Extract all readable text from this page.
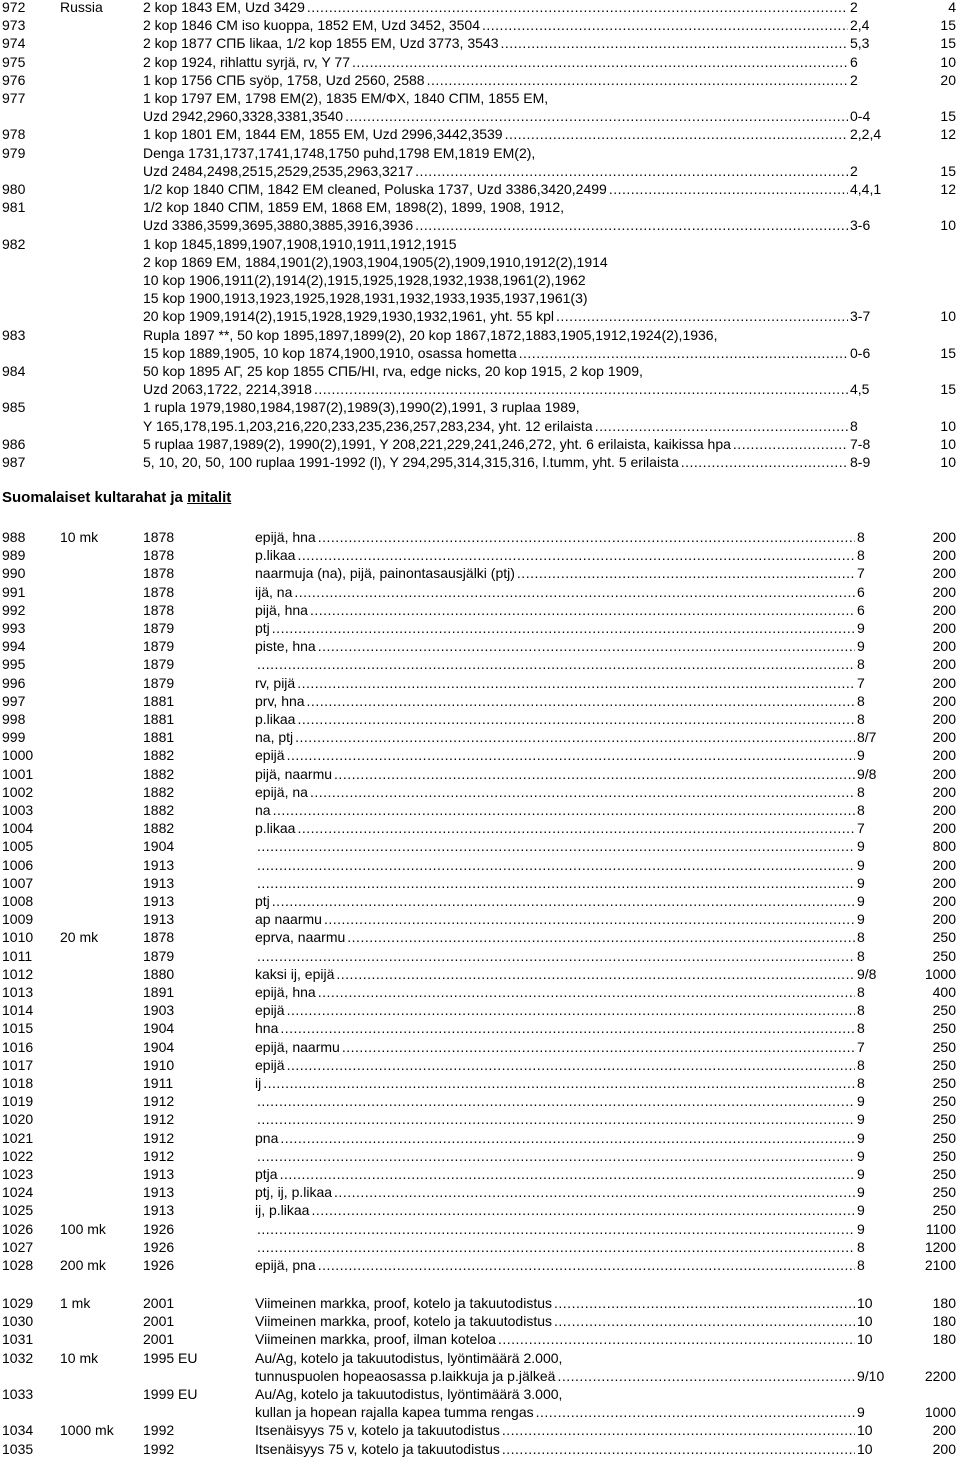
972 Russia	2 kop 1843 EM, Uzd 3429 .....	2	4
973	2 kop 1846 CM iso kuoppa, 1852 EM, Uzd 3452, 3504 .....	2,4	15
974	2 kop 1877 СПБ likaa, 1/2 kop 1855 EM, Uzd 3773, 3543 .....	5,3	15
975	2 kop 1924, rihlattu syrjä, rv, Y 77 .....	6	10
976	1 kop 1756 СПБ syöp, 1758, Uzd 2560, 2588 .....	2	20
977	1 kop 1797 EM, 1798 EM(2), 1835 EM/ФХ, 1840 СПМ, 1855 EM,
Uzd 2942,2960,3328,3381,3540 .....	0-4	15
978	1 kop 1801 EM, 1844 EM, 1855 EM, Uzd 2996,3442,3539 .....	2,2,4	12
979	Denga 1731,1737,1741,1748,1750 puhd,1798 EM,1819 EM(2),
Uzd 2484,2498,2515,2529,2535,2963,3217 .....	2	15
980	1/2 kop 1840 СПМ, 1842 EM cleaned, Poluska 1737, Uzd 3386,3420,2499 .....	4,4,1	12
981	1/2 kop 1840 СПМ, 1859 EM, 1868 EM, 1898(2), 1899, 1908, 1912,
Uzd 3386,3599,3695,3880,3885,3916,3936 .....	3-6	10
982	1 kop 1845,1899,1907,1908,1910,1911,1912,1915
2 kop 1869 EM, 1884,1901(2),1903,1904,1905(2),1909,1910,1912(2),1914
10 kop 1906,1911(2),1914(2),1915,1925,1928,1932,1938,1961(2),1962
15 kop 1900,1913,1923,1925,1928,1931,1932,1933,1935,1937,1961(3)
20 kop 1909,1914(2),1915,1928,1929,1930,1932,1961, yht. 55 kpl .....	3-7	10
983	Rupla 1897 **, 50 kop 1895,1897,1899(2), 20 kop 1867,1872,1883,1905,1912,1924(2),1936,
15 kop 1889,1905, 10 kop 1874,1900,1910, osassa hometta .....	0-6	15
984	50 kop 1895 АГ, 25 kop 1855 СПБ/HI, rva, edge nicks, 20 kop 1915, 2 kop 1909,
Uzd 2063,1722, 2214,3918 .....	4,5	15
985	1 rupla 1979,1980,1984,1987(2),1989(3),1990(2),1991, 3 ruplaa 1989,
Y 165,178,195.1,203,216,220,233,235,236,257,283,234, yht. 12 erilaista .....	8	10
986	5 ruplaa 1987,1989(2), 1990(2),1991, Y 208,221,229,241,246,272, yht. 6 erilaista, kaikissa hpa .....	7-8	10
987	5, 10, 20, 50, 100 ruplaa 1991-1992 (l), Y 294,295,314,315,316, l.tumm, yht. 5 erilaista .....	8-9	10
988 10 mk	1878	epijä, hna .....	8	200
989	1878	p.likaa .....	8	200
990	1878	naarmuja (na), pijä, painontasausjälki (ptj) .....	7	200
991	1878	ijä, na .....	6	200
992	1878	pijä, hna .....	6	200
993	1879	ptj .....	9	200
994	1879	piste, hna .....	9	200
995	1879 .....	8	200
996	1879	rv, pijä .....	7	200
997	1881	prv, hna .....	8	200
998	1881	p.likaa .....	8	200
999	1881	na, ptj .....	8/7	200
1000	1882	epijä .....	9	200
1001	1882	pijä, naarmu .....	9/8	200
1002	1882	epijä, na .....	8	200
1003	1882	na .....	8	200
1004	1882	p.likaa .....	7	200
1005	1904 .....	9	800
1006	1913 .....	9	200
1007	1913 .....	9	200
1008	1913	ptj .....	9	200
1009	1913	ap naarmu .....	9	200
1010 20 mk	1878	eprva, naarmu .....	8	250
1011	1879 .....	8	250
1012	1880	kaksi ij, epijä .....	9/8	1000
1013	1891	epijä, hna .....	8	400
1014	1903	epijä .....	8	250
1015	1904	hna .....	8	250
1016	1904	epijä, naarmu .....	7	250
1017	1910	epijä .....	8	250
1018	1911	ij .....	8	250
1019	1912 .....	9	250
1020	1912 .....	9	250
1021	1912	pna .....	9	250
1022	1912 .....	9	250
1023	1913	ptja .....	9	250
1024	1913	ptj, ij, p.likaa .....	9	250
1025	1913	ij, p.likaa .....	9	250
1026 100 mk	1926 .....	9	1100
1027	1926 .....	8	1200
1028 200 mk	1926	epijä, pna .....	8	2100
1029 1 mk	2001	Viimeinen markka, proof, kotelo ja takuutodistus .....	10	180
1030	2001	Viimeinen markka, proof, kotelo ja takuutodistus .....	10	180
1031	2001	Viimeinen markka, proof, ilman koteloa .....	10	180
1032 10 mk	1995 EU	Au/Ag, kotelo ja takuutodistus, lyöntimäärä 2.000,
tunnuspuolen hopeaosassa p.laikkuja ja p.jälkeä .....	9/10	2200
1033	1999 EU	Au/Ag, kotelo ja takuutodistus, lyöntimäärä 3.000,
kullan ja hopean rajalla kapea tumma rengas .....	9	1000
1034 1000 mk 1992	Itsenäisyys 75 v, kotelo ja takuutodistus .....	10	200
1035	1992	Itsenäisyys 75 v, kotelo ja takuutodistus .....	10	200
Suomalaiset kultarahat ja mitalit
